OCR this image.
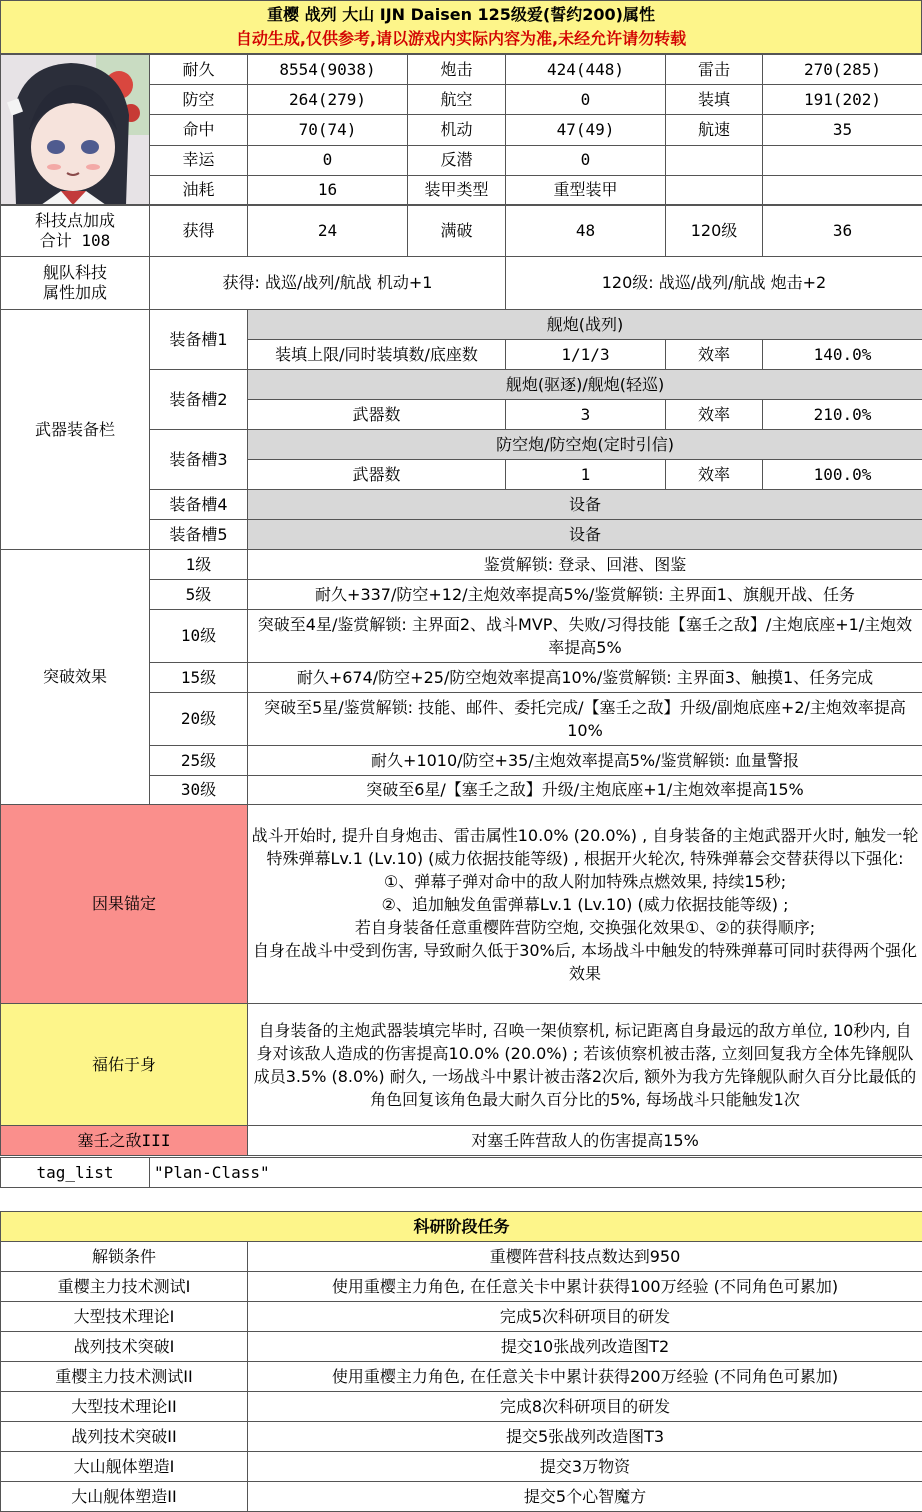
重樱 战列 大山 IJN Daisen 125级爱(誓约200)属性
自动生成,仅供参考,请以游戏内实际内容为准,未经允许请勿转载
	耐久	8554(9038)	炮击	424(448)	雷击	270(285)
	防空	264(279)	航空	0	装填	191(202)
	命中	70(74)	机动	47(49)	航速	35
	幸运	0	反潜	0		
	油耗	16	装甲类型	重型装甲		
科技点加成
合计 108	获得	24	满破	48	120级	36

舰队科技
属性加成	获得: 战巡/战列/航战 机动+1			120级: 战巡/战列/航战 炮击+2		
武器装备栏	装备槽1	舰炮(战列)			
		装填上限/同时装填数/底座数	1/1/3	效率	140.0%
	装备槽2	舰炮(驱逐)/舰炮(轻巡)			
		武器数	3	效率	210.0%
	装备槽3	防空炮/防空炮(定时引信)			
		武器数	1	效率	100.0%
	装备槽4	设备			
	装备槽5	设备			
突破效果	1级	鉴赏解锁: 登录、回港、图鉴
	5级	耐久+337/防空+12/主炮效率提高5%/鉴赏解锁: 主界面1、旗舰开战、任务
	10级	突破至4星/鉴赏解锁: 主界面2、战斗MVP、失败/习得技能【塞壬之敌】/主炮底座+1/主炮效率提高5%
	15级	耐久+674/防空+25/防空炮效率提高10%/鉴赏解锁: 主界面3、触摸1、任务完成
	20级	突破至5星/鉴赏解锁: 技能、邮件、委托完成/【塞壬之敌】升级/副炮底座+2/主炮效率提高10%
	25级	耐久+1010/防空+35/主炮效率提高5%/鉴赏解锁: 血量警报
	30级	突破至6星/【塞壬之敌】升级/主炮底座+1/主炮效率提高15%
因果锚定	战斗开始时, 提升自身炮击、雷击属性10.0% (20.0%) , 自身装备的主炮武器开火时, 触发一轮特殊弹幕Lv.1 (Lv.10) (威力依据技能等级) , 根据开火轮次, 特殊弹幕会交替获得以下强化:
①、弹幕子弹对命中的敌人附加特殊点燃效果, 持续15秒;
②、追加触发鱼雷弹幕Lv.1 (Lv.10) (威力依据技能等级) ;
若自身装备任意重樱阵营防空炮, 交换强化效果①、②的获得顺序;
自身在战斗中受到伤害, 导致耐久低于30%后, 本场战斗中触发的特殊弹幕可同时获得两个强化效果

福佑于身	自身装备的主炮武器装填完毕时, 召唤一架侦察机, 标记距离自身最远的敌方单位, 10秒内, 自身对该敌人造成的伤害提高10.0% (20.0%) ; 若该侦察机被击落, 立刻回复我方全体先锋舰队成员3.5% (8.0%) 耐久, 一场战斗中累计被击落2次后, 额外为我方先锋舰队耐久百分比最低的角色回复该角色最大耐久百分比的5%, 每场战斗只能触发1次

塞壬之敌III	对塞壬阵营敌人的伤害提高15%
tag_list	"Plan-Class"
科研阶段任务	
解锁条件	重樱阵营科技点数达到950
重樱主力技术测试I	使用重樱主力角色, 在任意关卡中累计获得100万经验 (不同角色可累加)
大型技术理论I	完成5次科研项目的研发
战列技术突破I	提交10张战列改造图T2
重樱主力技术测试II	使用重樱主力角色, 在任意关卡中累计获得200万经验 (不同角色可累加)
大型技术理论II	完成8次科研项目的研发
战列技术突破II	提交5张战列改造图T3
大山舰体塑造I	提交3万物资
大山舰体塑造II	提交5个心智魔方
